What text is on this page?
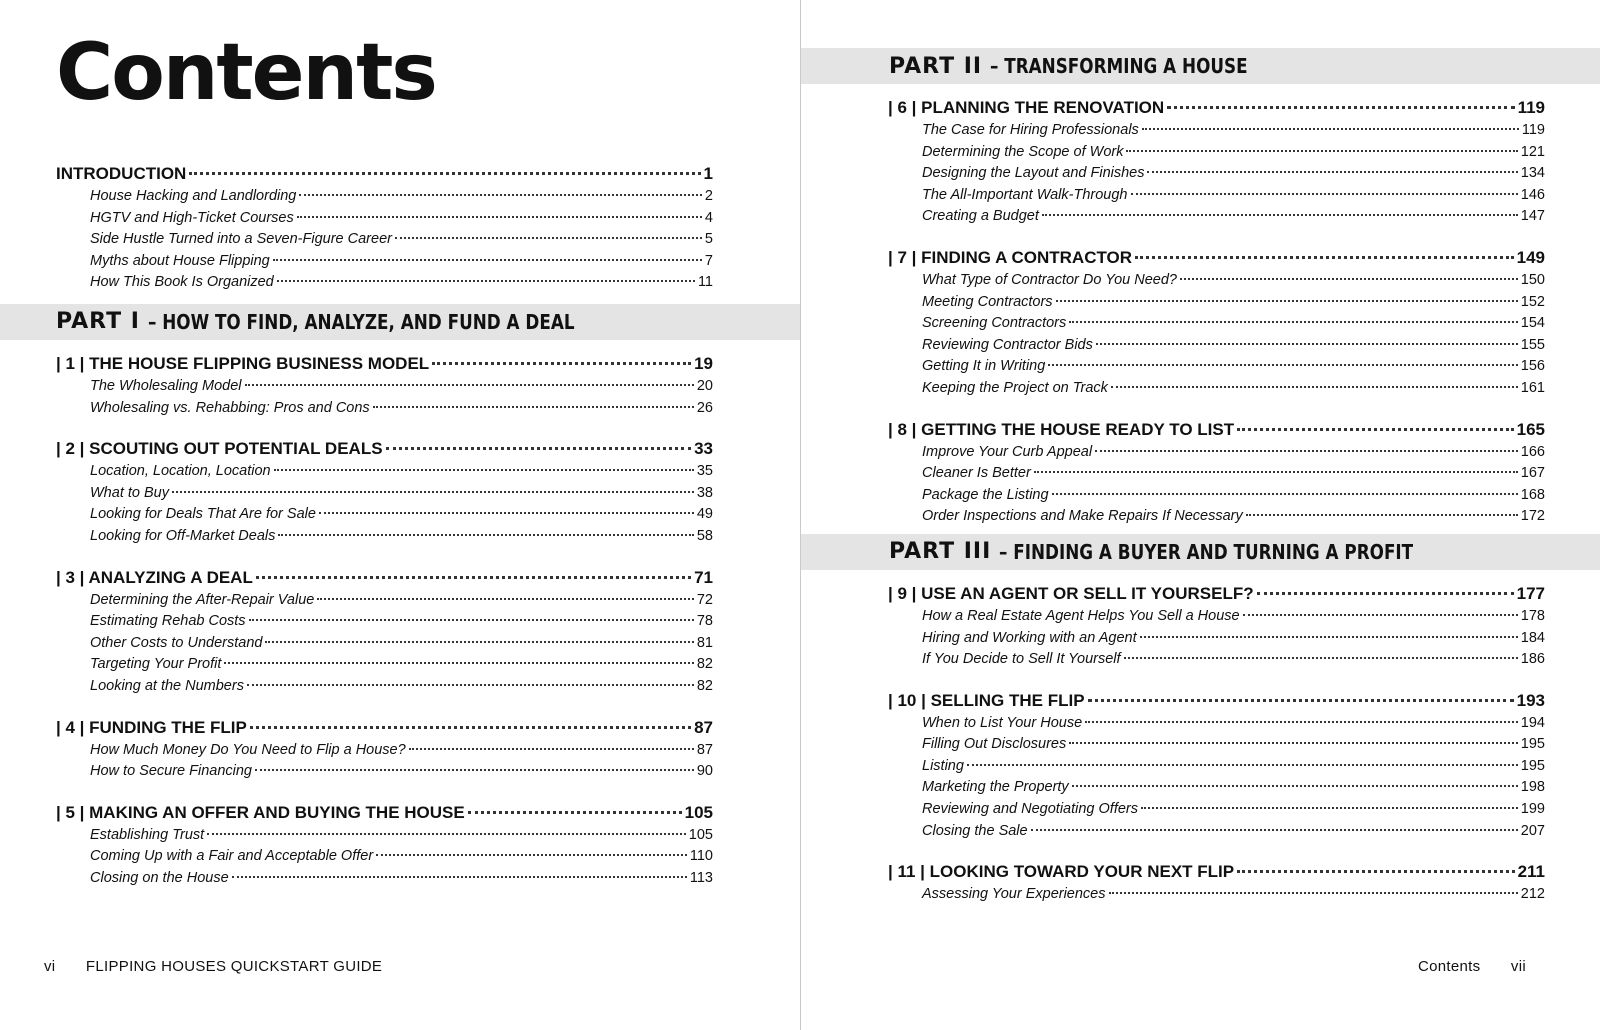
Contents
INTRODUCTION	1
House Hacking and Landlording	2
HGTV and High-Ticket Courses	4
Side Hustle Turned into a Seven-Figure Career	5
Myths about House Flipping	7
How This Book Is Organized	11
PART I – HOW TO FIND, ANALYZE, AND FUND A DEAL
| 1 | THE HOUSE FLIPPING BUSINESS MODEL	19
The Wholesaling Model	20
Wholesaling vs. Rehabbing: Pros and Cons	26
| 2 | SCOUTING OUT POTENTIAL DEALS	33
Location, Location, Location	35
What to Buy	38
Looking for Deals That Are for Sale	49
Looking for Off-Market Deals	58
| 3 | ANALYZING A DEAL	71
Determining the After-Repair Value	72
Estimating Rehab Costs	78
Other Costs to Understand	81
Targeting Your Profit	82
Looking at the Numbers	82
| 4 | FUNDING THE FLIP	87
How Much Money Do You Need to Flip a House?	87
How to Secure Financing	90
| 5 | MAKING AN OFFER AND BUYING THE HOUSE	105
Establishing Trust	105
Coming Up with a Fair and Acceptable Offer	110
Closing on the House	113
vi FLIPPING HOUSES QUICKSTART GUIDE
PART II – TRANSFORMING A HOUSE
| 6 | PLANNING THE RENOVATION	119
The Case for Hiring Professionals	119
Determining the Scope of Work	121
Designing the Layout and Finishes	134
The All-Important Walk-Through	146
Creating a Budget	147
| 7 | FINDING A CONTRACTOR	149
What Type of Contractor Do You Need?	150
Meeting Contractors	152
Screening Contractors	154
Reviewing Contractor Bids	155
Getting It in Writing	156
Keeping the Project on Track	161
| 8 | GETTING THE HOUSE READY TO LIST	165
Improve Your Curb Appeal	166
Cleaner Is Better	167
Package the Listing	168
Order Inspections and Make Repairs If Necessary	172
PART III – FINDING A BUYER AND TURNING A PROFIT
| 9 | USE AN AGENT OR SELL IT YOURSELF?	177
How a Real Estate Agent Helps You Sell a House	178
Hiring and Working with an Agent	184
If You Decide to Sell It Yourself	186
| 10 | SELLING THE FLIP	193
When to List Your House	194
Filling Out Disclosures	195
Listing	195
Marketing the Property	198
Reviewing and Negotiating Offers	199
Closing the Sale	207
| 11 | LOOKING TOWARD YOUR NEXT FLIP	211
Assessing Your Experiences	212
Contents vii
